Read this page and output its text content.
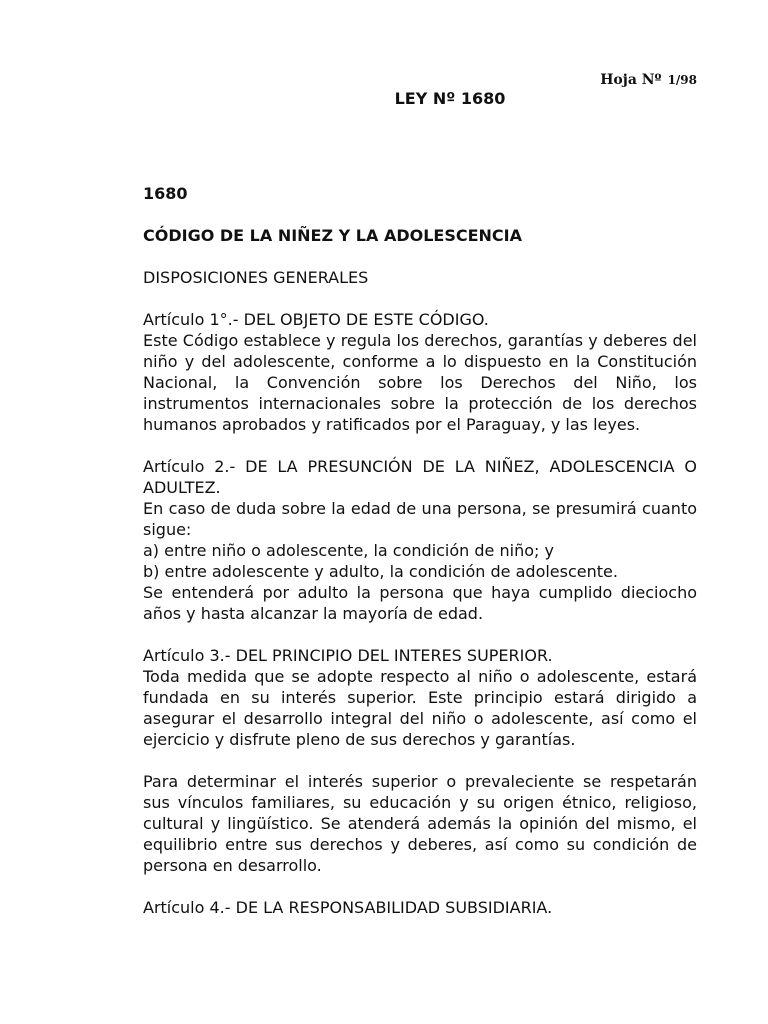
Hoja Nº 1/98
LEY Nº 1680

1680

CÓDIGO DE LA NIÑEZ Y LA ADOLESCENCIA

DISPOSICIONES GENERALES

Artículo 1°.- DEL OBJETO DE ESTE CÓDIGO.

Este Código establece y regula los derechos, garantías y deberes del niño y del adolescente, conforme a lo dispuesto en la Constitución Nacional, la Convención sobre los Derechos del Niño, los instrumentos internacionales sobre la protección de los derechos humanos aprobados y ratificados por el Paraguay, y las leyes.

Artículo 2.- DE LA PRESUNCIÓN DE LA NIÑEZ, ADOLESCENCIA O ADULTEZ.

En caso de duda sobre la edad de una persona, se presumirá cuanto sigue:

a) entre niño o adolescente, la condición de niño; y
b) entre adolescente y adulto, la condición de adolescente.

Se entenderá por adulto la persona que haya cumplido dieciocho años y hasta alcanzar la mayoría de edad.

Artículo 3.- DEL PRINCIPIO DEL INTERES SUPERIOR.

Toda medida que se adopte respecto al niño o adolescente, estará fundada en su interés superior. Este principio estará dirigido a asegurar el desarrollo integral del niño o adolescente, así como el ejercicio y disfrute pleno de sus derechos y garantías.

Para determinar el interés superior o prevaleciente se respetarán sus vínculos familiares, su educación y su origen étnico, religioso, cultural y lingüístico. Se atenderá además la opinión del mismo, el equilibrio entre sus derechos y deberes, así como su condición de persona en desarrollo.

Artículo 4.- DE LA RESPONSABILIDAD SUBSIDIARIA.
